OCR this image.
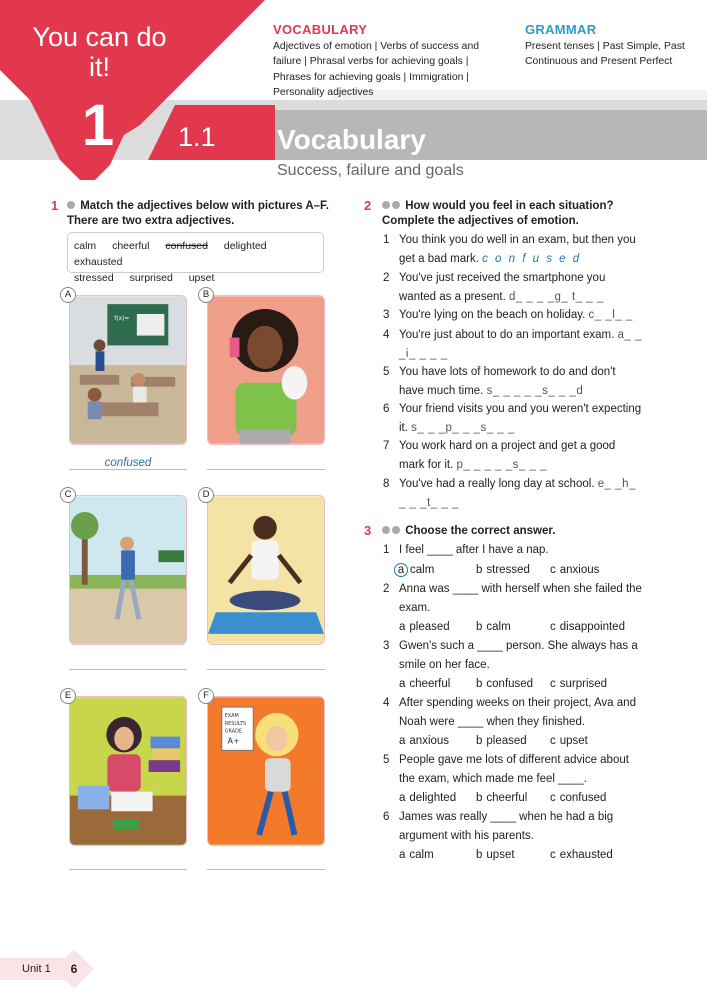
You can do it!
1	1.1 Vocabulary
Success, failure and goals
VOCABULARY
Adjectives of emotion | Verbs of success and failure | Phrasal verbs for achieving goals | Phrases for achieving goals | Immigration | Personality adjectives
GRAMMAR
Present tenses | Past Simple, Past Continuous and Present Perfect
1	Match the adjectives below with pictures A–F. There are two extra adjectives.
calm cheerful confused delighted exhausted
stressed surprised upset
f(x)=
A
confused
B
C	D
E
EXAM
RESULTS
GRADE
A+
F
2	How would you feel in each situation? Complete the adjectives of emotion.
1 You think you do well in an exam, but then you get a bad mark. c o n f u s e d
2 You've just received the smartphone you wanted as a present. d_ _ _ _g_ t_ _ _
3 You're lying on the beach on holiday. c_ _l_ _
4 You're just about to do an important exam. a_ _ _i_ _ _ _
5 You have lots of homework to do and don't have much time. s_ _ _ _ _s_ _ _d
6 Your friend visits you and you weren't expecting it. s_ _ _p_ _ _s_ _ _
7 You work hard on a project and get a good mark for it. p_ _ _ _ _s_ _ _
8 You've had a really long day at school. e_ _h_ _ _ _t_ _ _
3	Choose the correct answer.
1 I feel ____ after I have a nap.
a calm	b stressed c anxious
2 Anna was ____ with herself when she failed the exam.
a pleased b calm	c disappointed
3 Gwen's such a ____ person. She always has a smile on her face.
a cheerful b confused c surprised
4 After spending weeks on their project, Ava and Noah were ____ when they finished.
a anxious b pleased c upset
5 People gave me lots of different advice about the exam, which made me feel ____.
a delighted b cheerful c confused
6 James was really ____ when he had a big argument with his parents.
a calm	b upset	c exhausted
Unit 1	6
